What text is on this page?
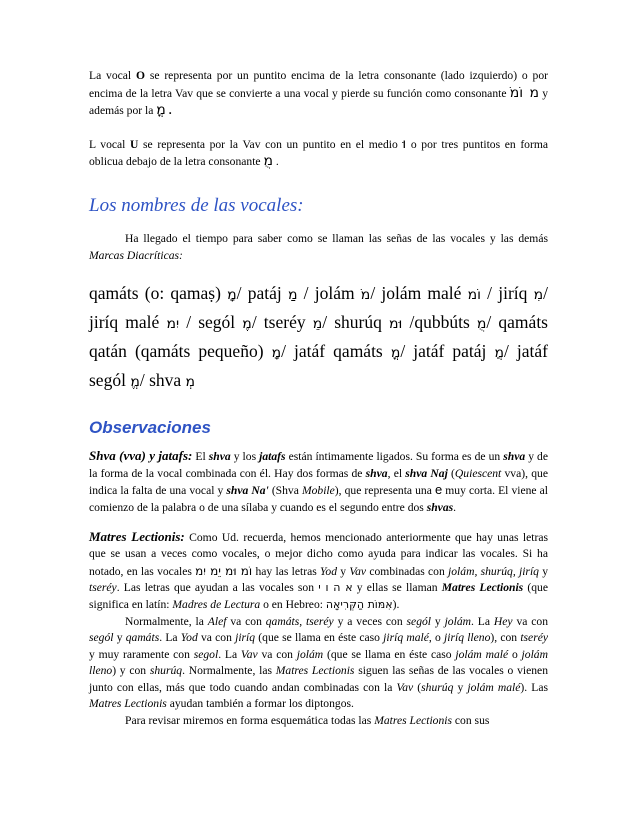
La vocal O se representa por un puntito encima de la letra consonante (lado izquierdo) o por encima de la letra Vav que se convierte a una vocal y pierde su función como consonante ֹמ  וֹמ y además por la ֳמ .

L vocal U se representa por la Vav con un puntito en el medio וּ o por tres puntitos en forma oblicua debajo de la letra consonante ֻמ .

Los nombres de las vocales:

Ha llegado el tiempo para saber como se llaman las señas de las vocales y las demás Marcas Diacríticas:

qamáts (o: qamaṣ) מָ/ patáj מַ / jolám ֹמ/ jolám malé וֹמ / jiríq מִ/ jiríq malé יִמ / segól מֶ/ tseréy מֵ/ shurúq וּמ /qubbúts מֻ/ qamáts qatán (qamáts pequeño) מָ/ jatáf qamáts מֳ/ jatáf patáj מֲ/ jatáf segól מֱ/ shva מְ

Observaciones

Shva (vva) y jatafs: El shva y los jatafs están íntimamente ligados. Su forma es de un shva y de la forma de la vocal combinada con él. Hay dos formas de shva, el shva Naj (Quiescent vva), que indica la falta de una vocal y shva Na' (Shva Mobile), que representa una e muy corta. El viene al comienzo de la palabra o de una sílaba y cuando es el segundo entre dos shvas.

Matres Lectionis: Como Ud. recuerda, hemos mencionado anteriormente que hay unas letras que se usan a veces como vocales, o mejor dicho como ayuda para indicar las vocales. Si ha notado, en las vocales וֹמ וּמ יֵמ יִמ hay las letras Yod y Vav combinadas con jolám, shurúq, jiríq y tseréy. Las letras que ayudan a las vocales son א ה ו י y ellas se llaman Matres Lectionis (que significa en latín: Madres de Lectura o en Hebreo: אִמּוֹת הַקְּרִיאָה).

Normalmente, la Alef va con qamáts, tseréy y a veces con segól y jolám. La Hey va con segól y qamáts. La Yod va con jiríq (que se llama en éste caso jiríq malé, o jiríq lleno), con tseréy y muy raramente con segol. La Vav va con jolám (que se llama en éste caso jolám malé o jolám lleno) y con shurúq. Normalmente, las Matres Lectionis siguen las señas de las vocales o vienen junto con ellas, más que todo cuando andan combinadas con la Vav (shurúq y jolám malé). Las Matres Lectionis ayudan también a formar los diptongos.

Para revisar miremos en forma esquemática todas las Matres Lectionis con sus
